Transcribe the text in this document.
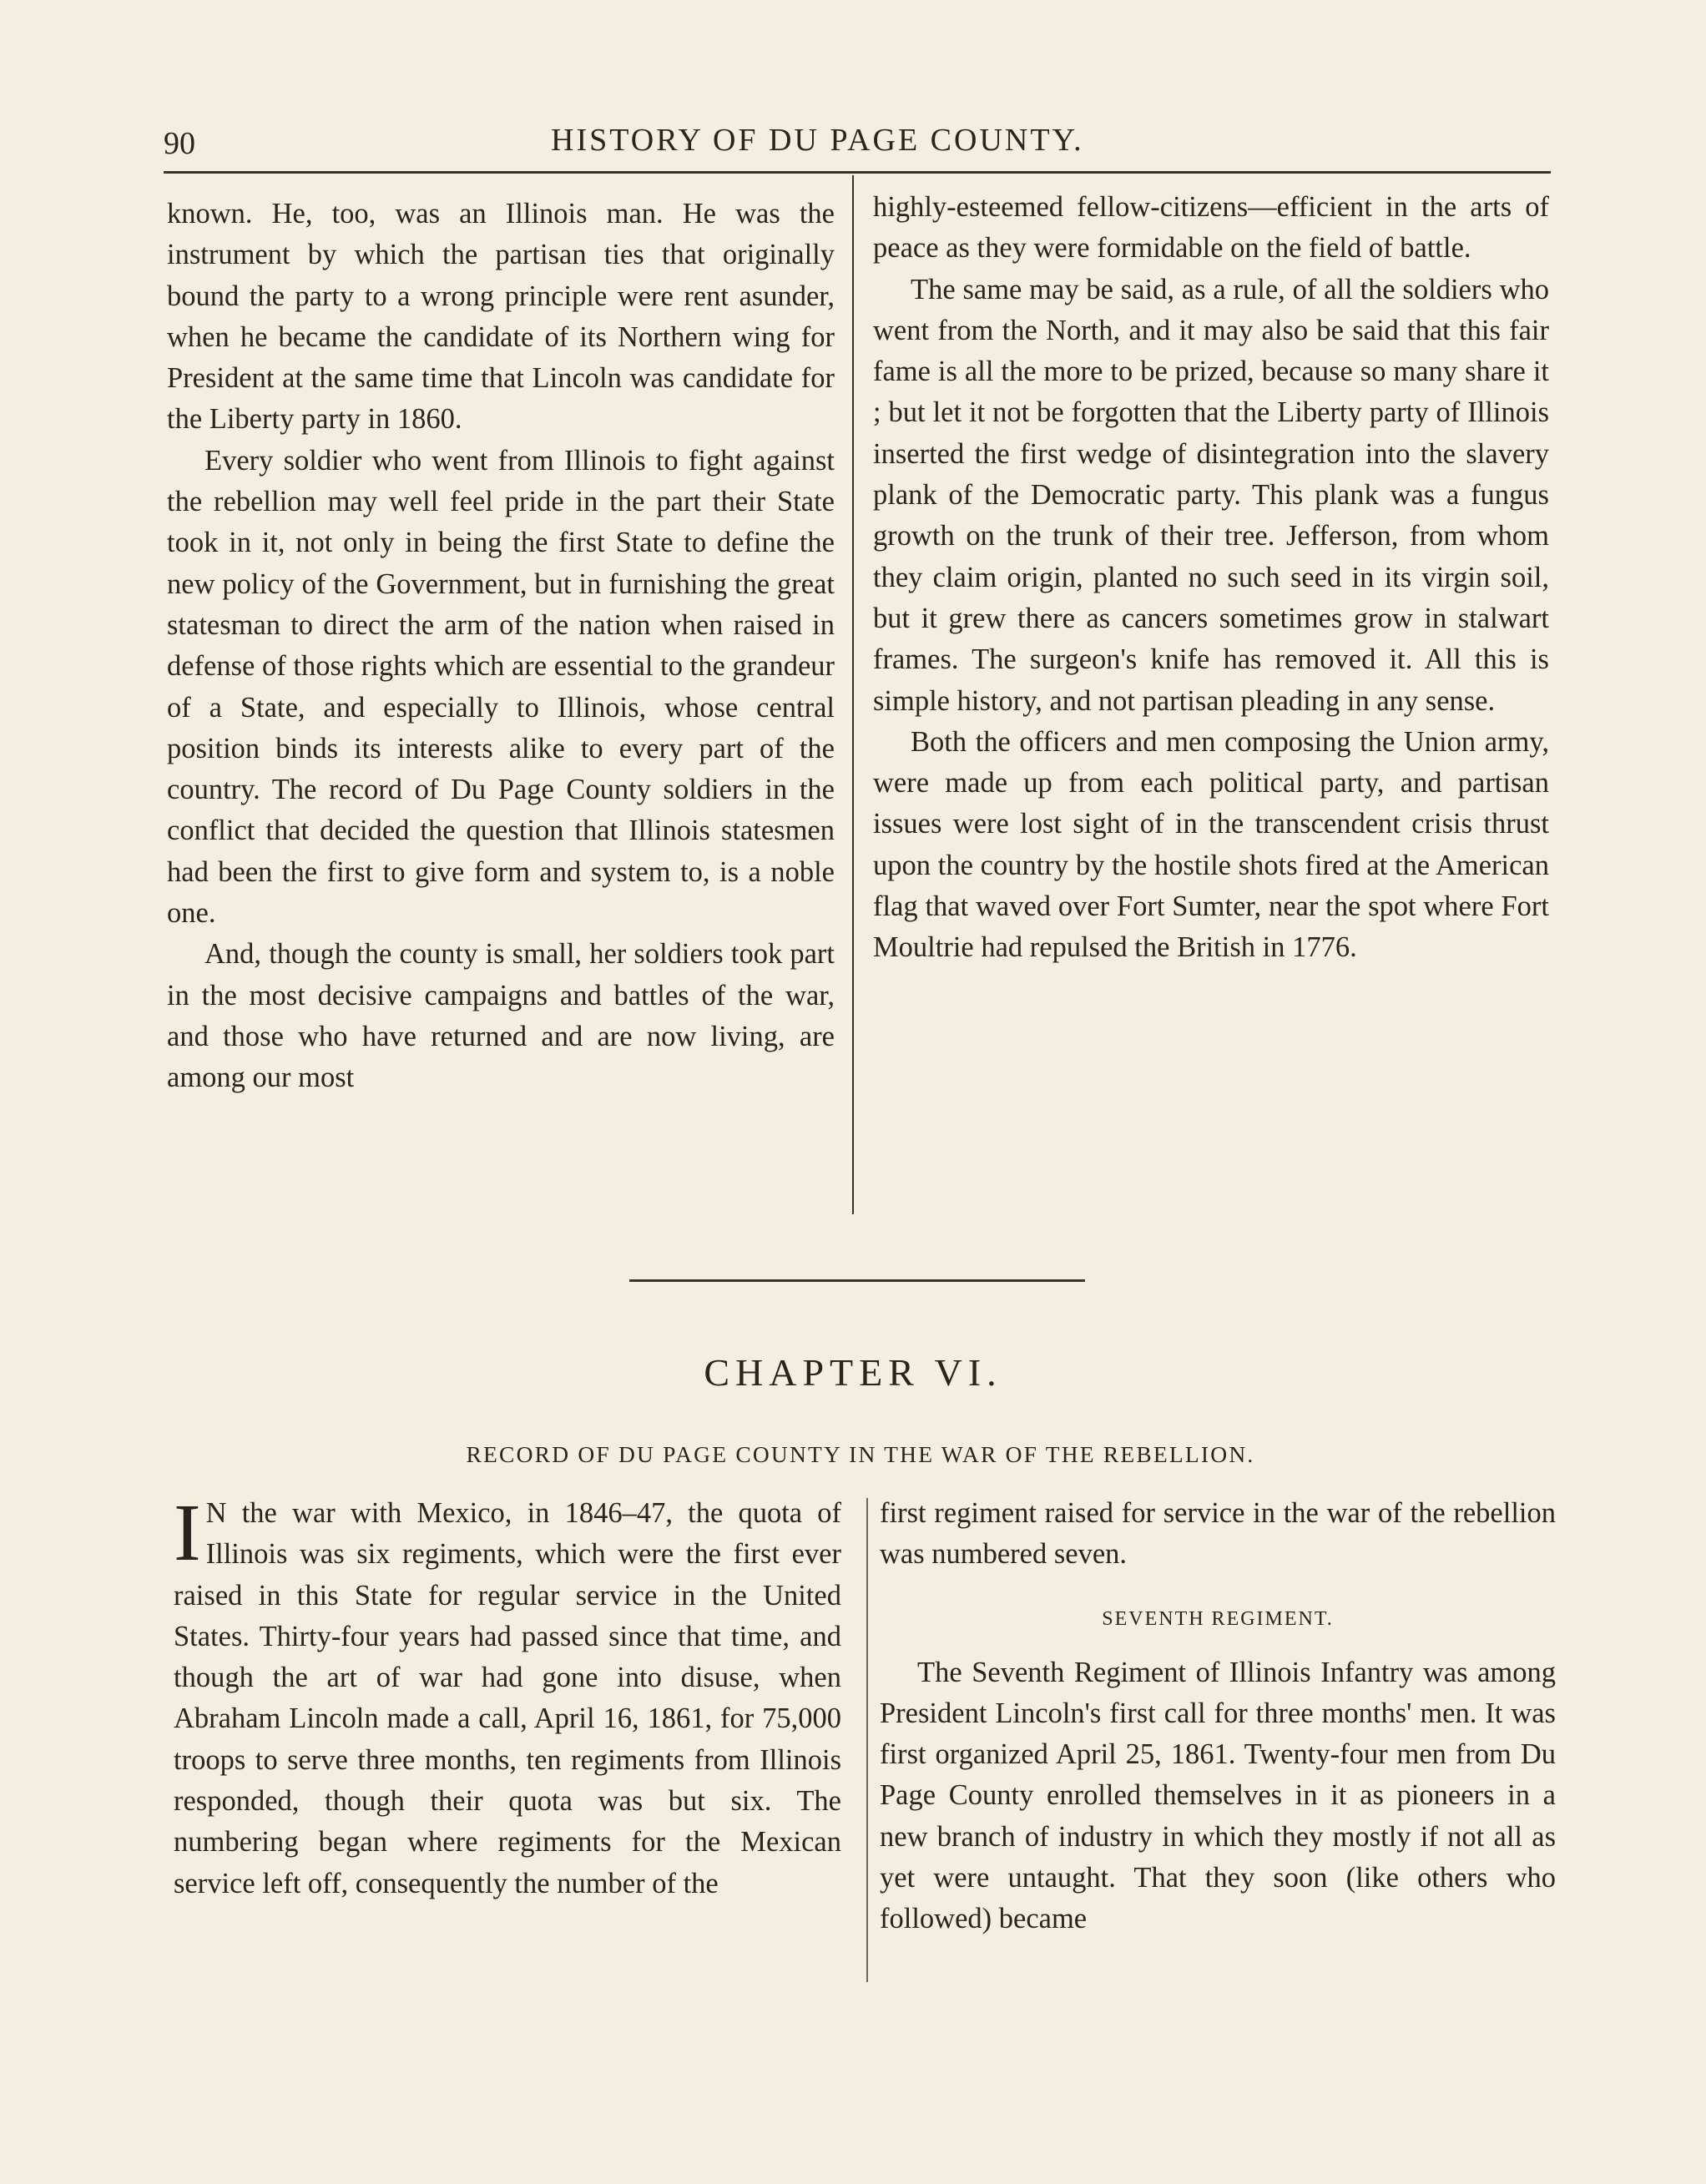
90	HISTORY OF DU PAGE COUNTY.

known. He, too, was an Illinois man. He was the instrument by which the partisan ties that originally bound the party to a wrong principle were rent asunder, when he became the candidate of its Northern wing for President at the same time that Lincoln was candidate for the Liberty party in 1860.

Every soldier who went from Illinois to fight against the rebellion may well feel pride in the part their State took in it, not only in being the first State to define the new policy of the Government, but in furnishing the great statesman to direct the arm of the nation when raised in defense of those rights which are essential to the grandeur of a State, and especially to Illinois, whose central position binds its interests alike to every part of the country. The record of Du Page County soldiers in the conflict that decided the question that Illinois statesmen had been the first to give form and system to, is a noble one.

And, though the county is small, her soldiers took part in the most decisive campaigns and battles of the war, and those who have returned and are now living, are among our most

highly-esteemed fellow-citizens—efficient in the arts of peace as they were formidable on the field of battle.

The same may be said, as a rule, of all the soldiers who went from the North, and it may also be said that this fair fame is all the more to be prized, because so many share it ; but let it not be forgotten that the Liberty party of Illinois inserted the first wedge of disintegration into the slavery plank of the Democratic party. This plank was a fungus growth on the trunk of their tree. Jefferson, from whom they claim origin, planted no such seed in its virgin soil, but it grew there as cancers sometimes grow in stalwart frames. The surgeon's knife has removed it. All this is simple history, and not partisan pleading in any sense.

Both the officers and men composing the Union army, were made up from each political party, and partisan issues were lost sight of in the transcendent crisis thrust upon the country by the hostile shots fired at the American flag that waved over Fort Sumter, near the spot where Fort Moultrie had repulsed the British in 1776.

CHAPTER VI.
RECORD OF DU PAGE COUNTY IN THE WAR OF THE REBELLION.

I N the war with Mexico, in 1846–47, the quota of Illinois was six regiments, which were the first ever raised in this State for regular service in the United States. Thirty-four years had passed since that time, and though the art of war had gone into disuse, when Abraham Lincoln made a call, April 16, 1861, for 75,000 troops to serve three months, ten regiments from Illinois responded, though their quota was but six. The numbering began where regiments for the Mexican service left off, consequently the number of the

first regiment raised for service in the war of the rebellion was numbered seven.

SEVENTH REGIMENT.

The Seventh Regiment of Illinois Infantry was among President Lincoln's first call for three months' men. It was first organized April 25, 1861. Twenty-four men from Du Page County enrolled themselves in it as pioneers in a new branch of industry in which they mostly if not all as yet were untaught. That they soon (like others who followed) became
